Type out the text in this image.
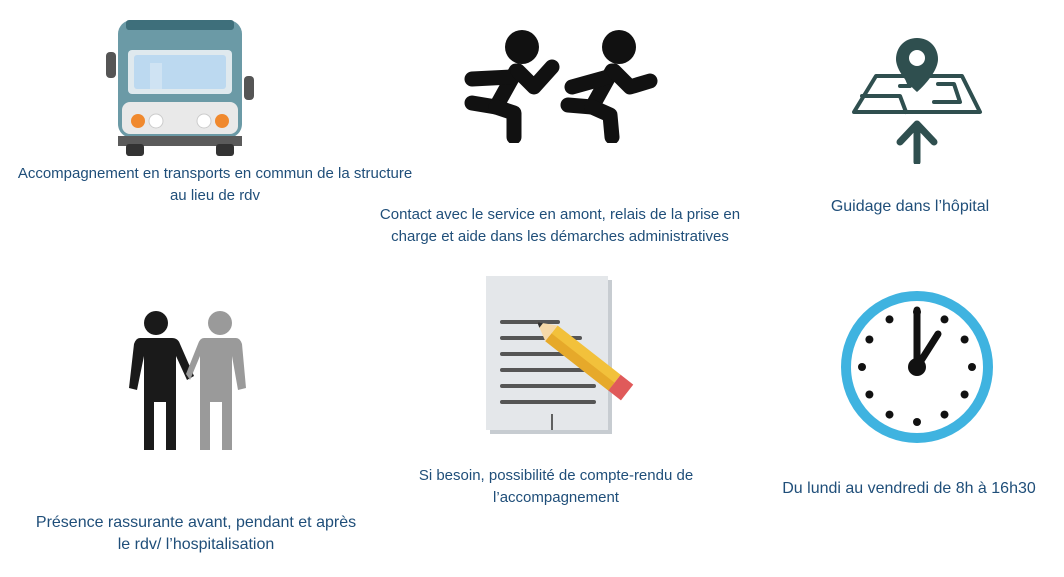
Accompagnement en transports en commun de la structure
au lieu de rdv
Contact avec le service en amont, relais de la prise en
charge et aide dans les démarches administratives
Guidage dans l’hôpital
Présence rassurante avant, pendant et après
le rdv/ l’hospitalisation
Si besoin, possibilité de compte-rendu de
l’accompagnement
Du lundi au vendredi de 8h à 16h30
